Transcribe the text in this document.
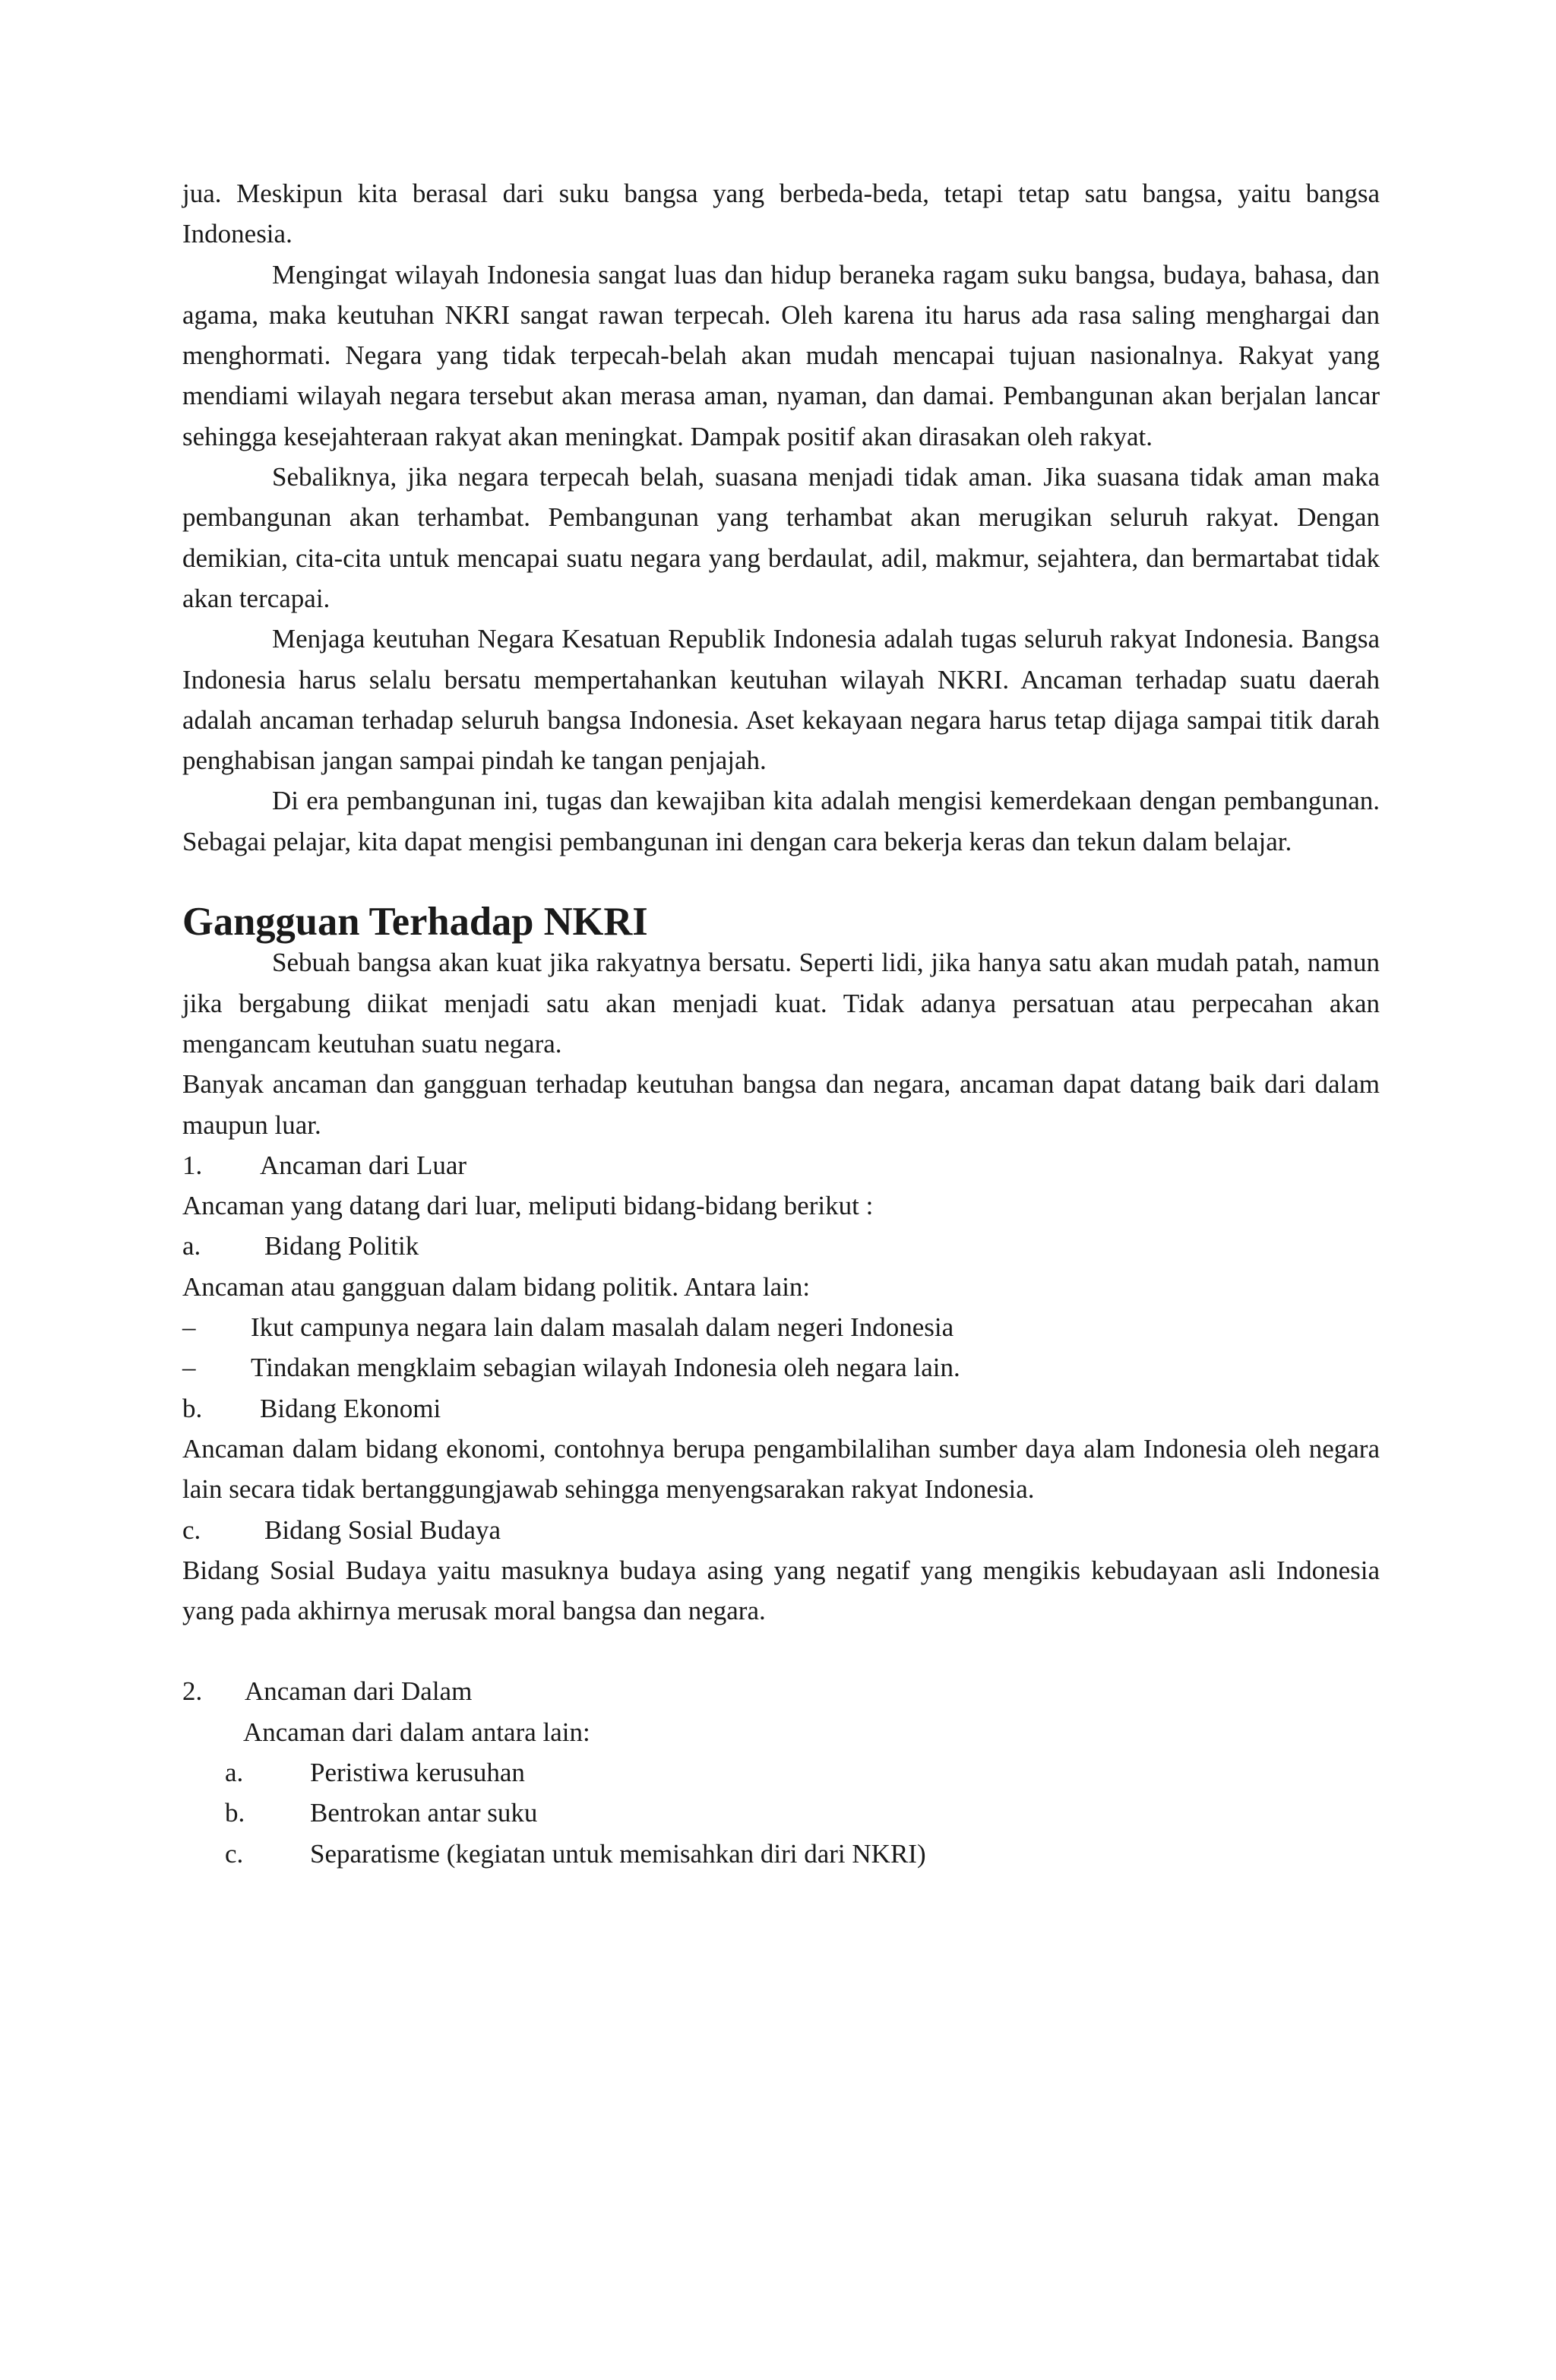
jua. Meskipun kita berasal dari suku bangsa yang berbeda-beda, tetapi tetap satu bangsa, yaitu bangsa Indonesia.

Mengingat wilayah Indonesia sangat luas dan hidup beraneka ragam suku bangsa, budaya, bahasa, dan agama, maka keutuhan NKRI sangat rawan terpecah. Oleh karena itu harus ada rasa saling menghargai dan menghormati. Negara yang tidak terpecah-belah akan mudah mencapai tujuan nasionalnya. Rakyat yang mendiami wilayah negara tersebut akan merasa aman, nyaman, dan damai. Pembangunan akan berjalan lancar sehingga kesejahteraan rakyat akan meningkat. Dampak positif akan dirasakan oleh rakyat.

Sebaliknya, jika negara terpecah belah, suasana menjadi tidak aman. Jika suasana tidak aman maka pembangunan akan terhambat. Pembangunan yang terhambat akan merugikan seluruh rakyat. Dengan demikian, cita-cita untuk mencapai suatu negara yang berdaulat, adil, makmur, sejahtera, dan bermartabat tidak akan tercapai.

Menjaga keutuhan Negara Kesatuan Republik Indonesia adalah tugas seluruh rakyat Indonesia. Bangsa Indonesia harus selalu bersatu mempertahankan keutuhan wilayah NKRI. Ancaman terhadap suatu daerah adalah ancaman terhadap seluruh bangsa Indonesia. Aset kekayaan negara harus tetap dijaga sampai titik darah penghabisan jangan sampai pindah ke tangan penjajah.

Di era pembangunan ini, tugas dan kewajiban kita adalah mengisi kemerdekaan dengan pembangunan. Sebagai pelajar, kita dapat mengisi pembangunan ini dengan cara bekerja keras dan tekun dalam belajar.

Gangguan Terhadap NKRI

Sebuah bangsa akan kuat jika rakyatnya bersatu. Seperti lidi, jika hanya satu akan mudah patah, namun jika bergabung diikat menjadi satu akan menjadi kuat. Tidak adanya persatuan atau perpecahan akan mengancam keutuhan suatu negara.

Banyak ancaman dan gangguan terhadap keutuhan bangsa dan negara, ancaman dapat datang baik dari dalam maupun luar.

1.	Ancaman dari Luar

Ancaman yang datang dari luar, meliputi bidang-bidang berikut :

a.	Bidang Politik

Ancaman atau gangguan dalam bidang politik. Antara lain:

–	Ikut campunya negara lain dalam masalah dalam negeri Indonesia
–	Tindakan mengklaim sebagian wilayah Indonesia oleh negara lain.
b.	Bidang Ekonomi

Ancaman dalam bidang ekonomi, contohnya berupa pengambilalihan sumber daya alam Indonesia oleh negara lain secara tidak bertanggungjawab sehingga menyengsarakan rakyat Indonesia.

c.	Bidang Sosial Budaya

Bidang Sosial Budaya yaitu masuknya budaya asing yang negatif yang mengikis kebudayaan asli Indonesia yang pada akhirnya merusak moral bangsa dan negara.

2.	Ancaman dari Dalam

Ancaman dari dalam antara lain:

a.	Peristiwa kerusuhan
b.	Bentrokan antar suku
c.	Separatisme (kegiatan untuk memisahkan diri dari NKRI)
